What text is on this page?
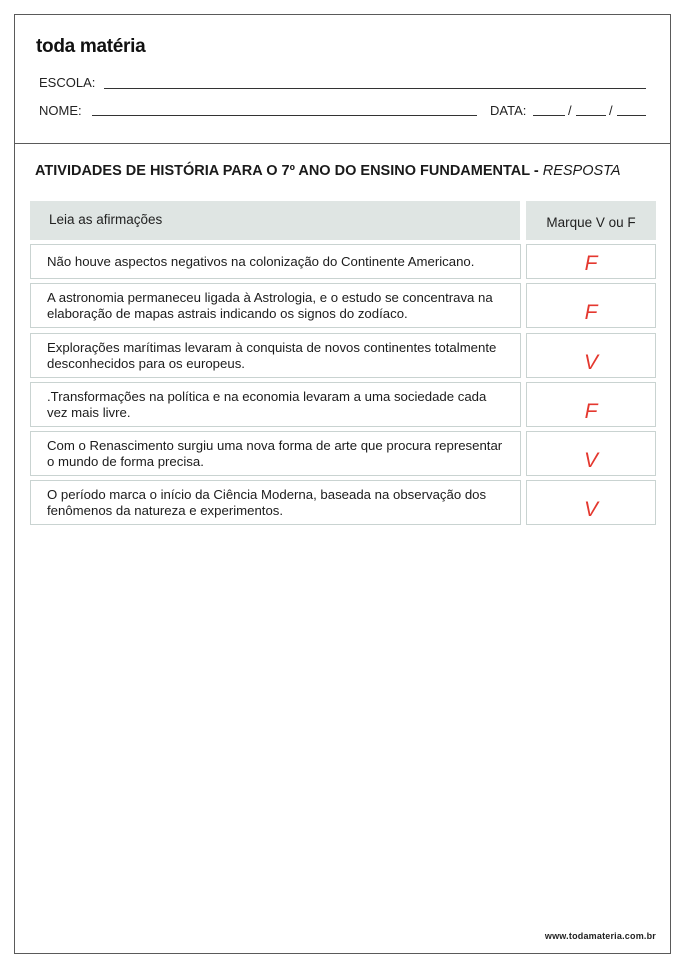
toda matéria
ESCOLA:
NOME:	DATA:	/	/
ATIVIDADES DE HISTÓRIA PARA O 7º ANO DO ENSINO FUNDAMENTAL - RESPOSTA
Leia as afirmações	Marque V ou F
Não houve aspectos negativos na colonização do Continente Americano.	F
A astronomia permaneceu ligada à Astrologia, e o estudo se concentrava na elaboração de mapas astrais indicando os signos do zodíaco.	F
Explorações marítimas levaram à conquista de novos continentes totalmente desconhecidos para os europeus.	V
.Transformações na política e na economia levaram a uma sociedade cada vez mais livre.	F
Com o Renascimento surgiu uma nova forma de arte que procura representar o mundo de forma precisa.	V
O período marca o início da Ciência Moderna, baseada na observação dos fenômenos da natureza e experimentos.	V
www.todamateria.com.br
